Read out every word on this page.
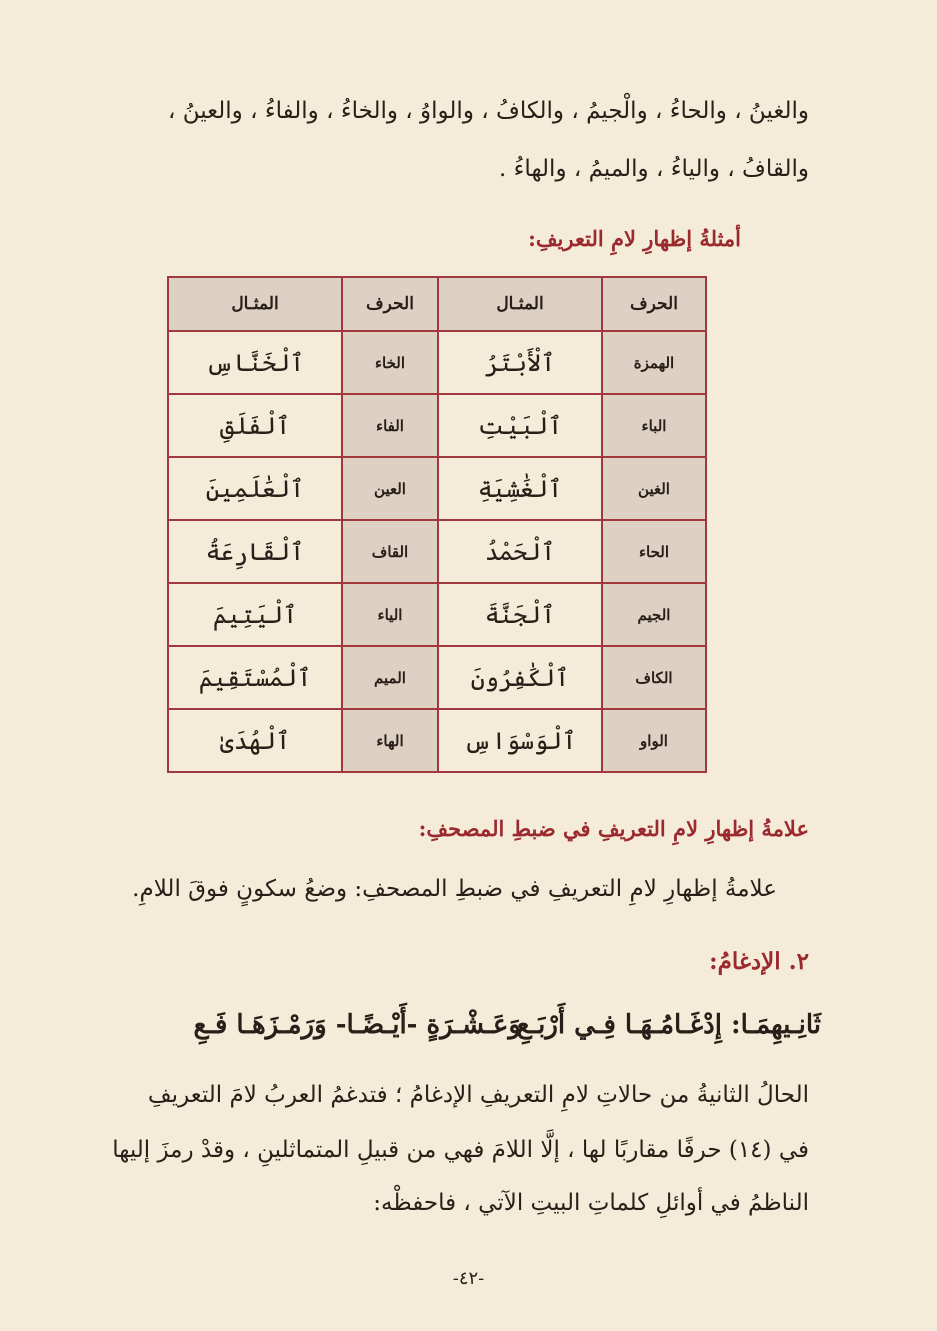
والغينُ ، والحاءُ ، والْجيمُ ، والكافُ ، والواوُ ، والخاءُ ، والفاءُ ، والعينُ ،
والقافُ ، والياءُ ، والميمُ ، والهاءُ .
أمثلةُ إظهارِ لامِ التعريفِ:
الحرف	المثـال	الحرف	المثـال
الهمزة	ٱلْأَبْتَرُ	الخاء	ٱلْخَنَّاسِ
الباء	ٱلْبَيْتِ	الفاء	ٱلْفَلَقِ
الغين	ٱلْغَٰشِيَةِ	العين	ٱلْعَٰلَمِينَ
الحاء	ٱلْحَمْدُ	القاف	ٱلْقَارِعَةُ
الجيم	ٱلْجَنَّةَ	الياء	ٱلْيَتِيمَ
الكاف	ٱلْكَٰفِرُونَ	الميم	ٱلْمُسْتَقِيمَ
الواو	ٱلْوَسْوَاسِ	الهاء	ٱلْهُدَىٰ
علامةُ إظهارِ لامِ التعريفِ في ضبطِ المصحفِ:
علامةُ إظهارِ لامِ التعريفِ في ضبطِ المصحفِ: وضعُ سكونٍ فوقَ اللامِ.
٢. الإدغامُ:
ثَانِـيهِمَـا: إِدْغَـامُـهَـا فِـي أَرْبَـعِ
وَعَـشْـرَةٍ -أَيْـضًـا- وَرَمْـزَهَـا فَـعِ
الحالُ الثانيةُ من حالاتِ لامِ التعريفِ الإدغامُ ؛ فتدغمُ العربُ لامَ التعريفِ
في (١٤) حرفًا مقاربًا لها ، إلَّا اللامَ فهي من قبيلِ المتماثلينِ ، وقدْ رمزَ إليها
الناظمُ في أوائلِ كلماتِ البيتِ الآتي ، فاحفظْه:
-٤٢-
